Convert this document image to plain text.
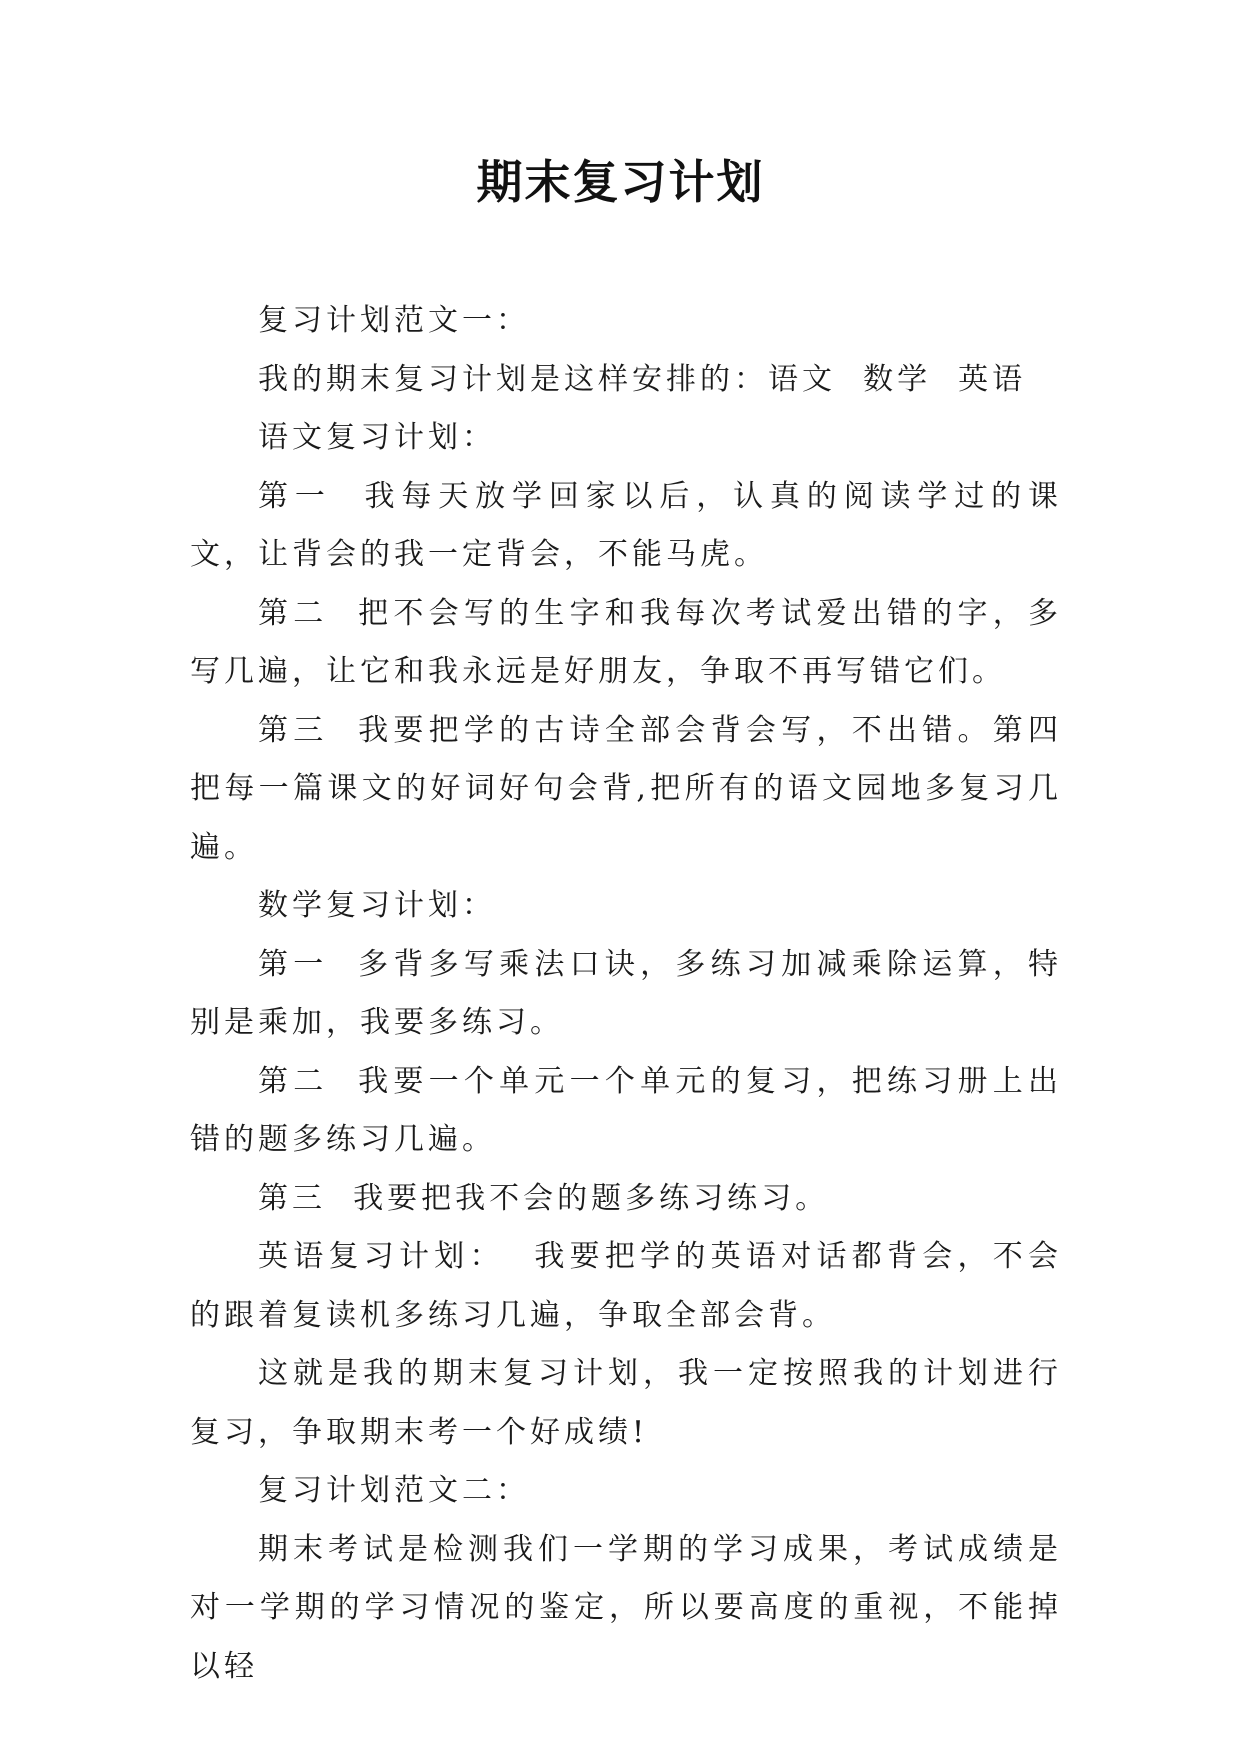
期末复习计划

复习计划范文一：

我的期末复习计划是这样安排的：语文  数学  英语

语文复习计划：

第一  我每天放学回家以后，认真的阅读学过的课文，让背会的我一定背会，不能马虎。

第二  把不会写的生字和我每次考试爱出错的字，多写几遍，让它和我永远是好朋友，争取不再写错它们。

第三  我要把学的古诗全部会背会写，不出错。第四  把每一篇课文的好词好句会背,把所有的语文园地多复习几遍。

数学复习计划：

第一  多背多写乘法口诀，多练习加减乘除运算，特别是乘加，我要多练习。

第二  我要一个单元一个单元的复习，把练习册上出错的题多练习几遍。

第三  我要把我不会的题多练习练习。

英语复习计划：  我要把学的英语对话都背会，不会的跟着复读机多练习几遍，争取全部会背。

这就是我的期末复习计划，我一定按照我的计划进行复习，争取期末考一个好成绩!

复习计划范文二：

期末考试是检测我们一学期的学习成果，考试成绩是对一学期的学习情况的鉴定，所以要高度的重视，不能掉以轻
